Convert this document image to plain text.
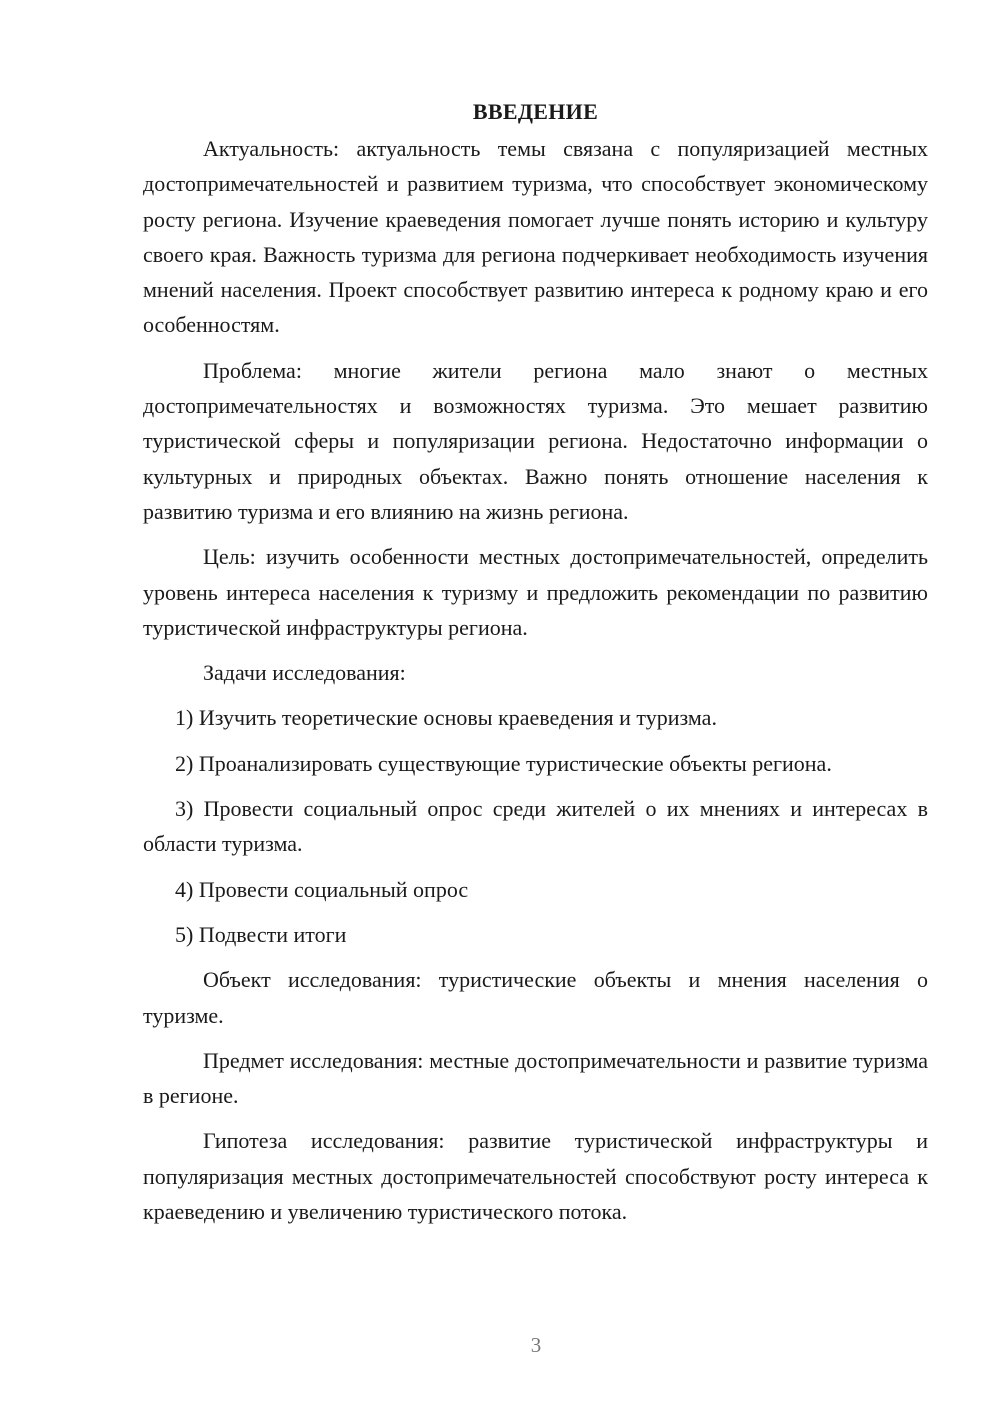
ВВЕДЕНИЕ

Актуальность: актуальность темы связана с популяризацией местных достопримечательностей и развитием туризма, что способствует экономическому росту региона. Изучение краеведения помогает лучше понять историю и культуру своего края. Важность туризма для региона подчеркивает необходимость изучения мнений населения. Проект способствует развитию интереса к родному краю и его особенностям.

Проблема: многие жители региона мало знают о местных достопримечательностях и возможностях туризма. Это мешает развитию туристической сферы и популяризации региона. Недостаточно информации о культурных и природных объектах. Важно понять отношение населения к развитию туризма и его влиянию на жизнь региона.

Цель: изучить особенности местных достопримечательностей, определить уровень интереса населения к туризму и предложить рекомендации по развитию туристической инфраструктуры региона.

Задачи исследования:

1) Изучить теоретические основы краеведения и туризма.

2) Проанализировать существующие туристические объекты региона.

3) Провести социальный опрос среди жителей о их мнениях и интересах в области туризма.

4) Провести социальный опрос

5) Подвести итоги

Объект исследования: туристические объекты и мнения населения о туризме.

Предмет исследования: местные достопримечательности и развитие туризма в регионе.

Гипотеза исследования: развитие туристической инфраструктуры и популяризация местных достопримечательностей способствуют росту интереса к краеведению и увеличению туристического потока.

3
